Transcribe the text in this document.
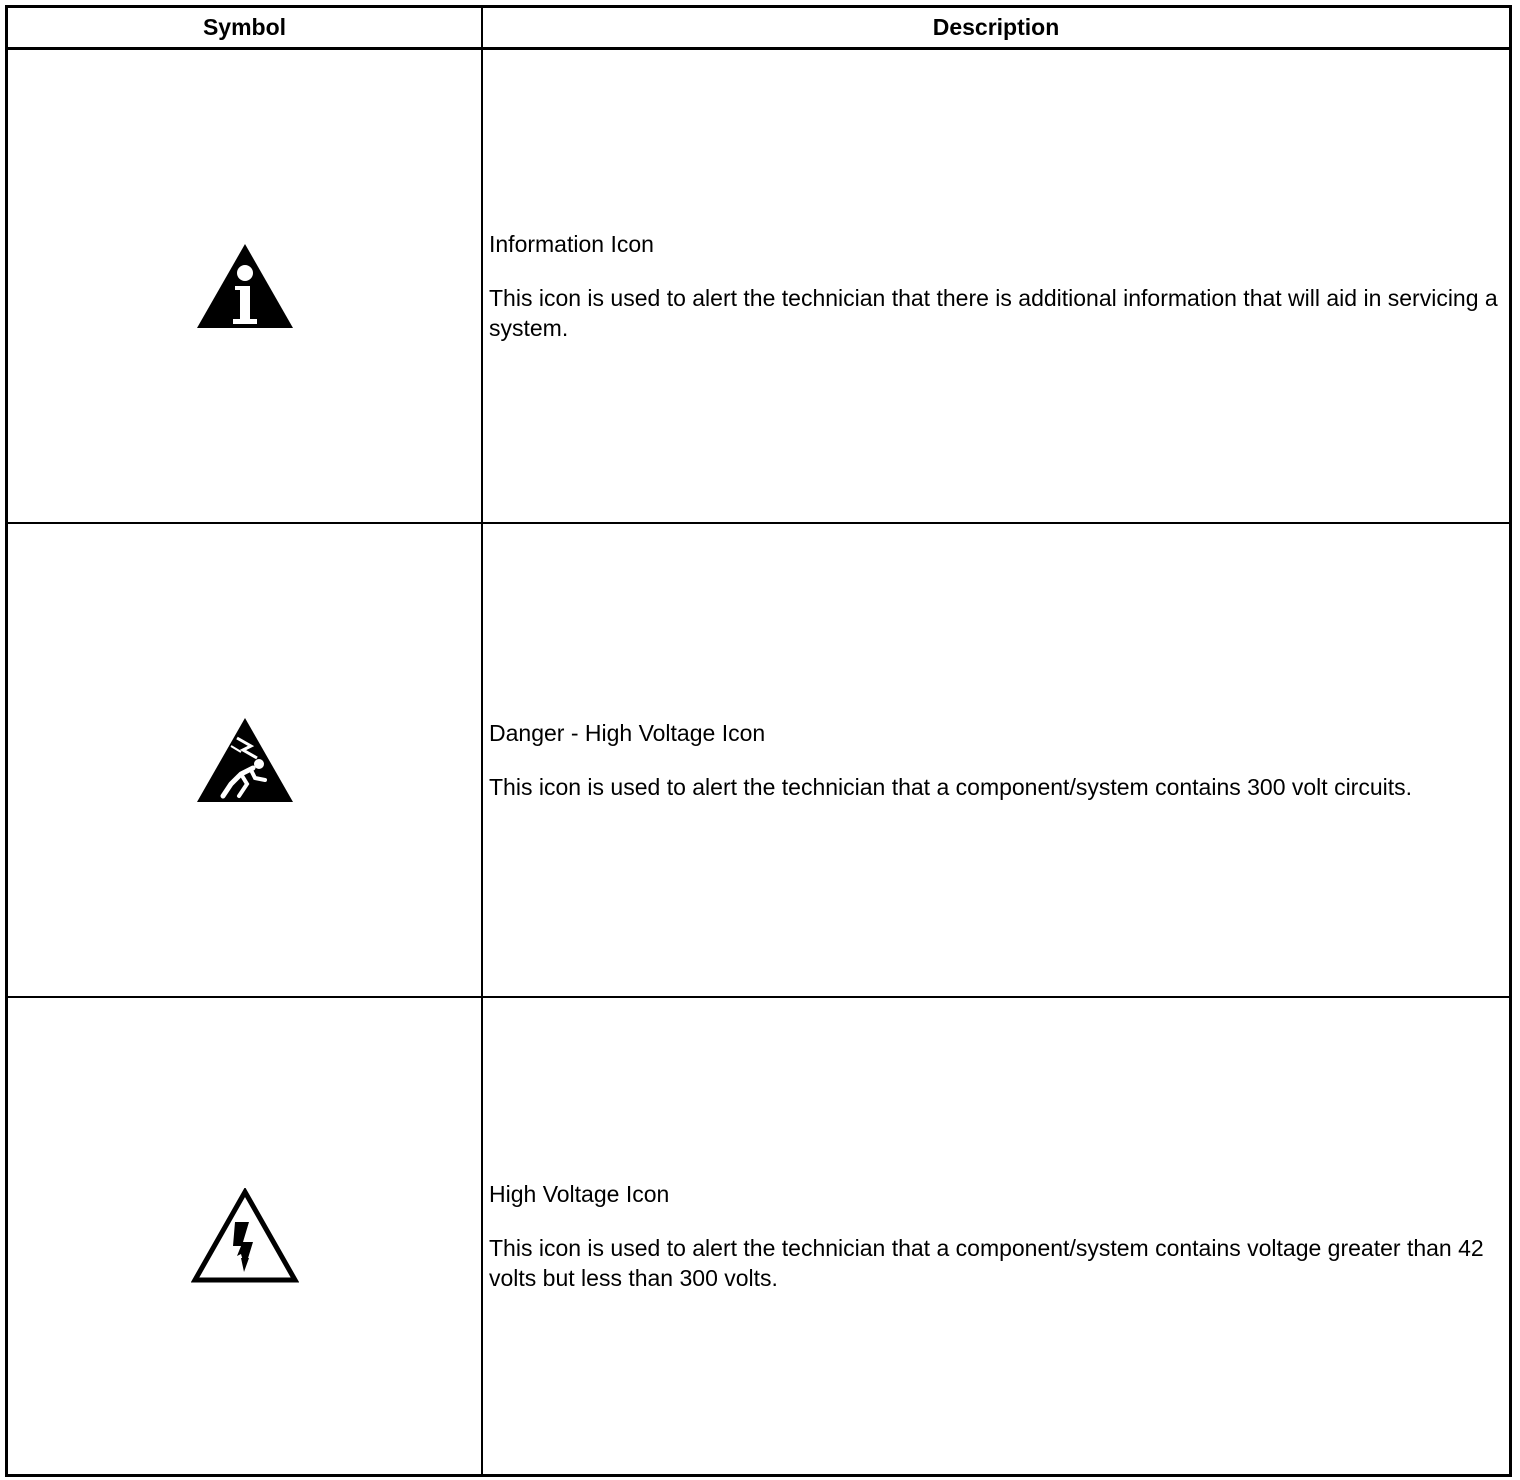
Symbol	Description

Information Icon

This icon is used to alert the technician that there is additional information that will aid in servicing a system.

Danger - High Voltage Icon

This icon is used to alert the technician that a component/system contains 300 volt circuits.

High Voltage Icon

This icon is used to alert the technician that a component/system contains voltage greater than 42 volts but less than 300 volts.
